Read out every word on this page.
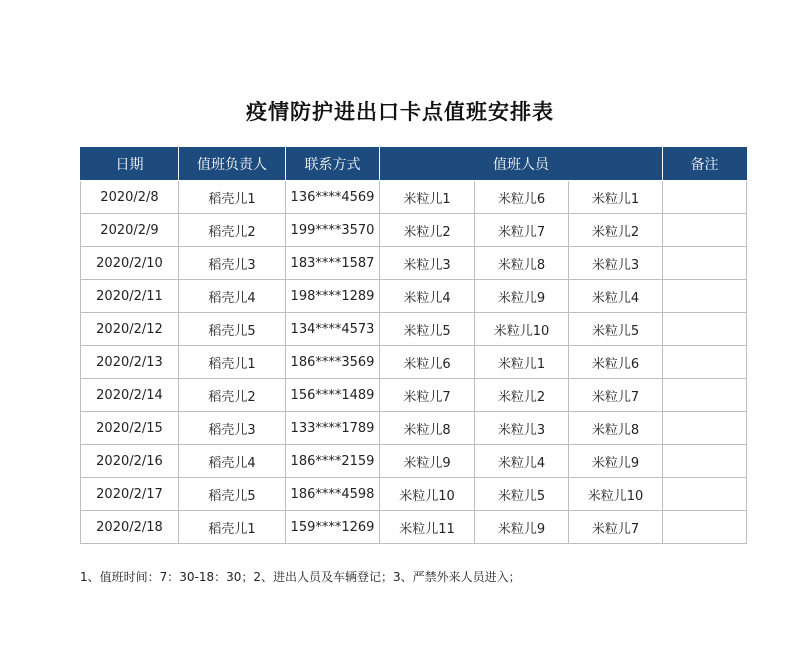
疫情防护进出口卡点值班安排表
日期	值班负责人	联系方式	值班人员			备注
2020/2/8	稻壳儿1	136****4569	米粒儿1	米粒儿6	米粒儿1	
2020/2/9	稻壳儿2	199****3570	米粒儿2	米粒儿7	米粒儿2	
2020/2/10	稻壳儿3	183****1587	米粒儿3	米粒儿8	米粒儿3	
2020/2/11	稻壳儿4	198****1289	米粒儿4	米粒儿9	米粒儿4	
2020/2/12	稻壳儿5	134****4573	米粒儿5	米粒儿10	米粒儿5	
2020/2/13	稻壳儿1	186****3569	米粒儿6	米粒儿1	米粒儿6	
2020/2/14	稻壳儿2	156****1489	米粒儿7	米粒儿2	米粒儿7	
2020/2/15	稻壳儿3	133****1789	米粒儿8	米粒儿3	米粒儿8	
2020/2/16	稻壳儿4	186****2159	米粒儿9	米粒儿4	米粒儿9	
2020/2/17	稻壳儿5	186****4598	米粒儿10	米粒儿5	米粒儿10	
2020/2/18	稻壳儿1	159****1269	米粒儿11	米粒儿9	米粒儿7	
1、值班时间：7：30-18：30；2、进出人员及车辆登记；3、严禁外来人员进入；
